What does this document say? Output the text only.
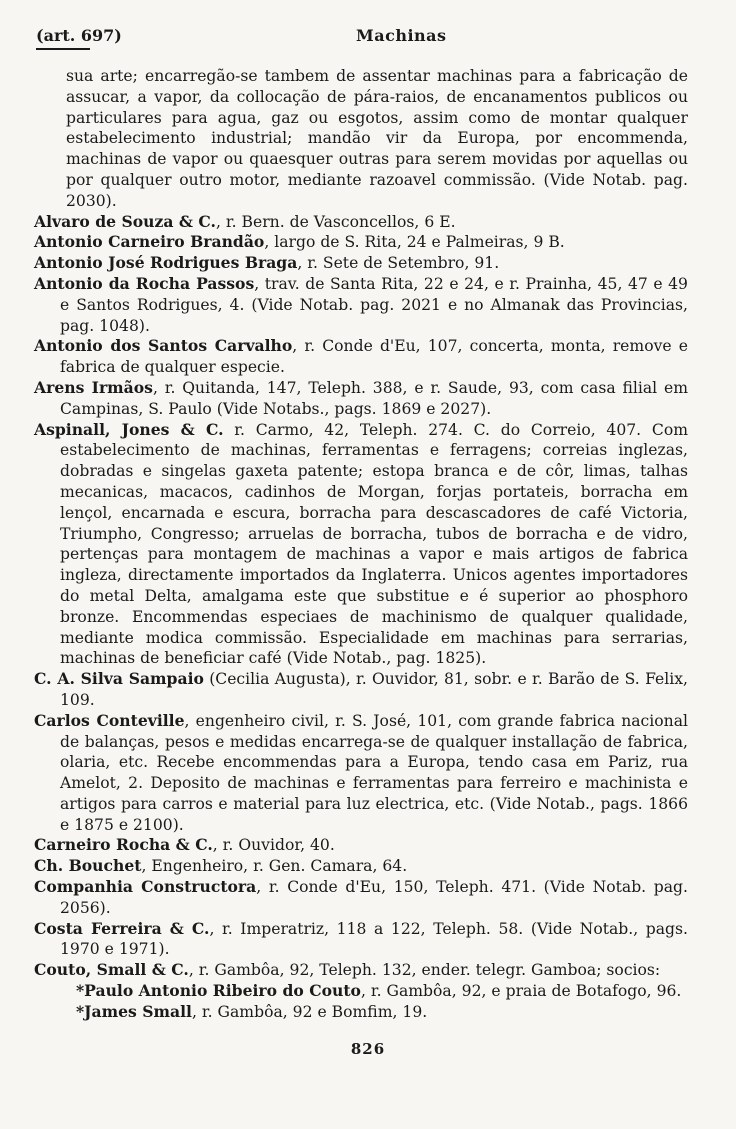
(art. 697)	Machinas
sua arte; encarregão-se tambem de assentar machinas para a fabricação de assucar, a vapor, da collocação de pára-raios, de encanamentos publicos ou particulares para agua, gaz ou esgotos, assim como de montar qualquer estabelecimento industrial; mandão vir da Europa, por encommenda, machinas de vapor ou quaesquer outras para serem movidas por aquellas ou por qualquer outro motor, mediante razoavel commissão. (Vide Notab. pag. 2030).
Alvaro de Souza & C., r. Bern. de Vasconcellos, 6 E.
Antonio Carneiro Brandão, largo de S. Rita, 24 e Palmeiras, 9 B.
Antonio José Rodrigues Braga, r. Sete de Setembro, 91.
Antonio da Rocha Passos, trav. de Santa Rita, 22 e 24, e r. Prainha, 45, 47 e 49 e Santos Rodrigues, 4. (Vide Notab. pag. 2021 e no Almanak das Provincias, pag. 1048).
Antonio dos Santos Carvalho, r. Conde d'Eu, 107, concerta, monta, remove e fabrica de qualquer especie.
Arens Irmãos, r. Quitanda, 147, Teleph. 388, e r. Saude, 93, com casa filial em Campinas, S. Paulo (Vide Notabs., pags. 1869 e 2027).
Aspinall, Jones & C. r. Carmo, 42, Teleph. 274. C. do Correio, 407. Com estabelecimento de machinas, ferramentas e ferragens; correias inglezas, dobradas e singelas gaxeta patente; estopa branca e de côr, limas, talhas mecanicas, macacos, cadinhos de Morgan, forjas portateis, borracha em lençol, encarnada e escura, borracha para descascadores de café Victoria, Triumpho, Congresso; arruelas de borracha, tubos de borracha e de vidro, pertenças para montagem de machinas a vapor e mais artigos de fabrica ingleza, directamente importados da Inglaterra. Unicos agentes importadores do metal Delta, amalgama este que substitue e é superior ao phosphoro bronze. Encommendas especiaes de machinismo de qualquer qualidade, mediante modica commissão. Especialidade em machinas para serrarias, machinas de beneficiar café (Vide Notab., pag. 1825).
C. A. Silva Sampaio (Cecilia Augusta), r. Ouvidor, 81, sobr. e r. Barão de S. Felix, 109.
Carlos Conteville, engenheiro civil, r. S. José, 101, com grande fabrica nacional de balanças, pesos e medidas encarrega-se de qualquer installação de fabrica, olaria, etc. Recebe encommendas para a Europa, tendo casa em Pariz, rua Amelot, 2. Deposito de machinas e ferramentas para ferreiro e machinista e artigos para carros e material para luz electrica, etc. (Vide Notab., pags. 1866 e 1875 e 2100).
Carneiro Rocha & C., r. Ouvidor, 40.
Ch. Bouchet, Engenheiro, r. Gen. Camara, 64.
Companhia Constructora, r. Conde d'Eu, 150, Teleph. 471. (Vide Notab. pag. 2056).
Costa Ferreira & C., r. Imperatriz, 118 a 122, Teleph. 58. (Vide Notab., pags. 1970 e 1971).
Couto, Small & C., r. Gambôa, 92, Teleph. 132, ender. telegr. Gamboa; socios:
*Paulo Antonio Ribeiro do Couto, r. Gambôa, 92, e praia de Botafogo, 96.
*James Small, r. Gambôa, 92 e Bomfim, 19.
826
